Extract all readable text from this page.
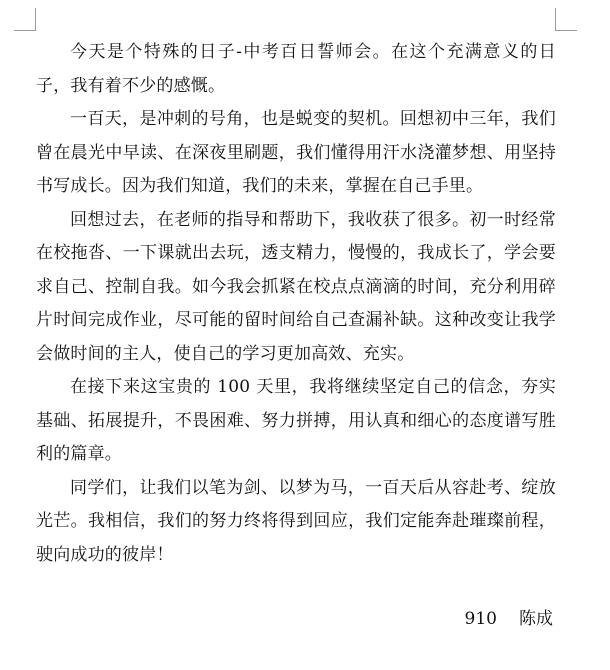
今天是个特殊的日子-中考百日誓师会。在这个充满意义的日子，我有着不少的感慨。

一百天，是冲刺的号角，也是蜕变的契机。回想初中三年，我们曾在晨光中早读、在深夜里刷题，我们懂得用汗水浇灌梦想、用坚持书写成长。因为我们知道，我们的未来，掌握在自己手里。

回想过去，在老师的指导和帮助下，我收获了很多。初一时经常在校拖沓、一下课就出去玩，透支精力，慢慢的，我成长了，学会要求自己、控制自我。如今我会抓紧在校点点滴滴的时间，充分利用碎片时间完成作业，尽可能的留时间给自己查漏补缺。这种改变让我学会做时间的主人，使自己的学习更加高效、充实。

在接下来这宝贵的 100 天里，我将继续坚定自己的信念，夯实基础、拓展提升，不畏困难、努力拼搏，用认真和细心的态度谱写胜利的篇章。

同学们，让我们以笔为剑、以梦为马，一百天后从容赴考、绽放光芒。我相信，我们的努力终将得到回应，我们定能奔赴璀璨前程，驶向成功的彼岸！

910 陈成
